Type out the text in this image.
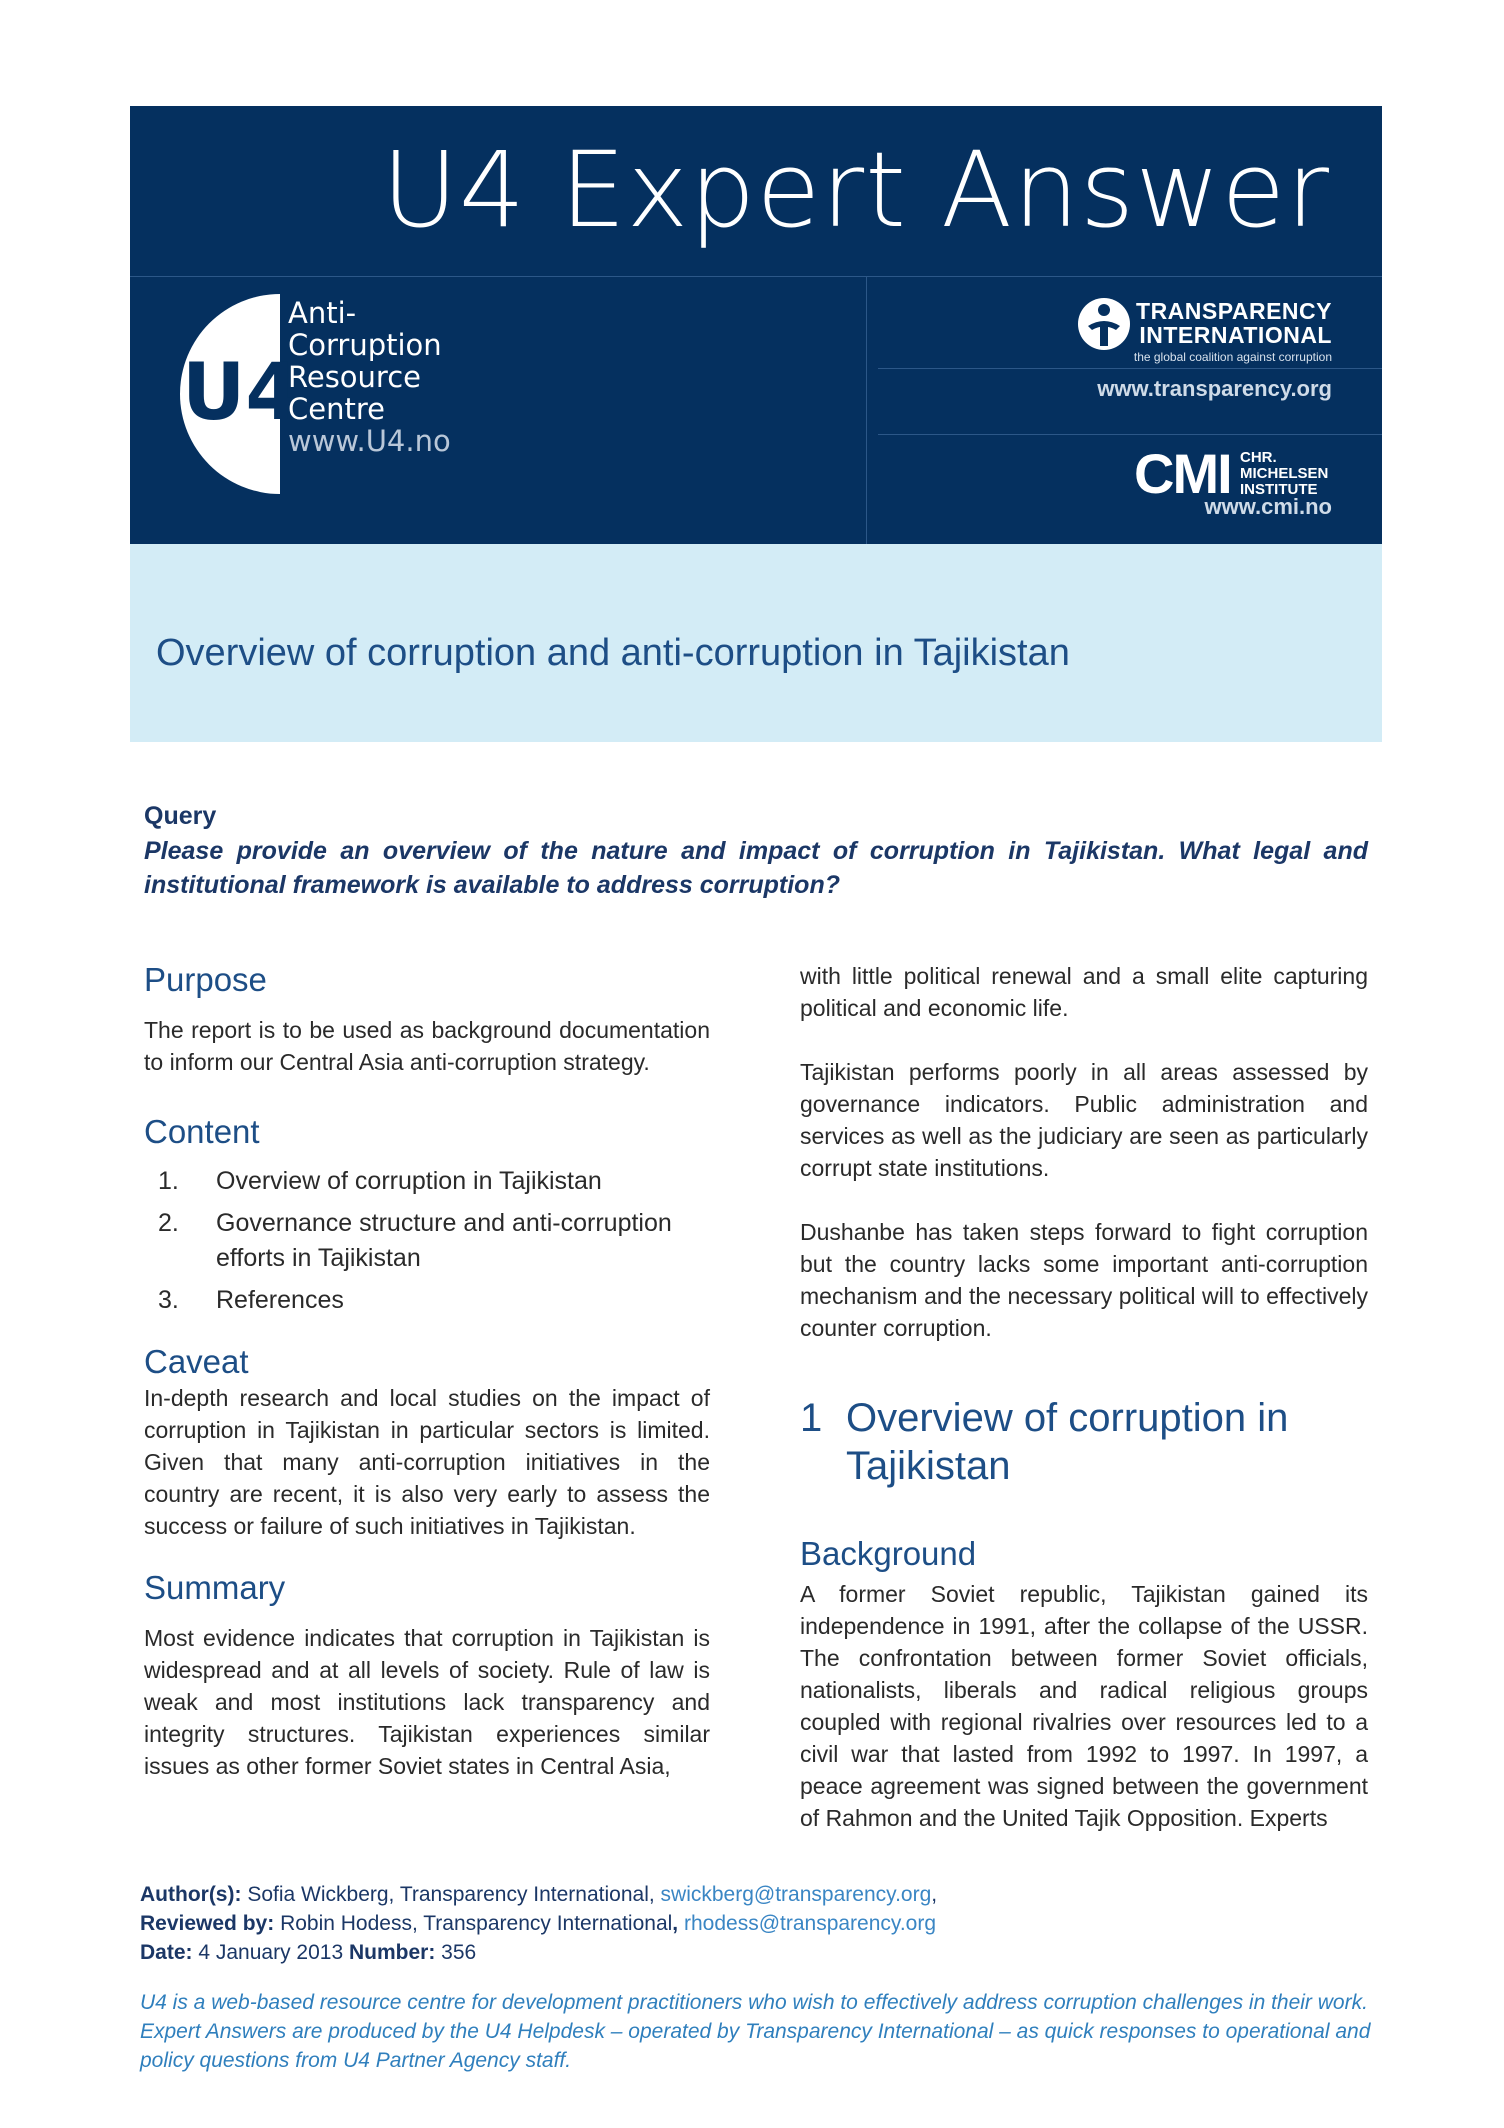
U4 Expert Answer
U4
Anti-
Corruption
Resource
Centre
www.U4.no
TRANSPARENCY
INTERNATIONAL
the global coalition against corruption
www.transparency.org
CMI CHR.
MICHELSEN
INSTITUTE
www.cmi.no
Overview of corruption and anti-corruption in Tajikistan
Query
Please provide an overview of the nature and impact of corruption in Tajikistan. What legal and institutional framework is available to address corruption?
Purpose

The report is to be used as background documentation to inform our Central Asia anti-corruption strategy.

Content
1. Overview of corruption in Tajikistan
2. Governance structure and anti-corruption efforts in Tajikistan
3. References
Caveat

In-depth research and local studies on the impact of corruption in Tajikistan in particular sectors is limited. Given that many anti-corruption initiatives in the country are recent, it is also very early to assess the success or failure of such initiatives in Tajikistan.

Summary

Most evidence indicates that corruption in Tajikistan is widespread and at all levels of society. Rule of law is weak and most institutions lack transparency and integrity structures. Tajikistan experiences similar issues as other former Soviet states in Central Asia,

with little political renewal and a small elite capturing political and economic life.

Tajikistan performs poorly in all areas assessed by governance indicators. Public administration and services as well as the judiciary are seen as particularly corrupt state institutions.

Dushanbe has taken steps forward to fight corruption but the country lacks some important anti-corruption mechanism and the necessary political will to effectively counter corruption.

1 Overview of corruption in Tajikistan
Background

A former Soviet republic, Tajikistan gained its independence in 1991, after the collapse of the USSR. The confrontation between former Soviet officials, nationalists, liberals and radical religious groups coupled with regional rivalries over resources led to a civil war that lasted from 1992 to 1997. In 1997, a peace agreement was signed between the government of Rahmon and the United Tajik Opposition. Experts

Author(s): Sofia Wickberg, Transparency International, swickberg@transparency.org,
Reviewed by: Robin Hodess, Transparency International, rhodess@transparency.org
Date: 4 January 2013 Number: 356
U4 is a web-based resource centre for development practitioners who wish to effectively address corruption challenges in their work. Expert Answers are produced by the U4 Helpdesk – operated by Transparency International – as quick responses to operational and policy questions from U4 Partner Agency staff.
